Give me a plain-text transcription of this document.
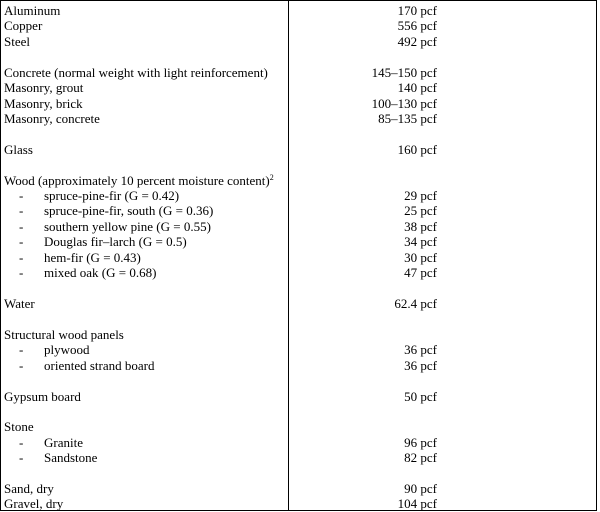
Aluminum	170 pcf
Copper	556 pcf
Steel	492 pcf
Concrete (normal weight with light reinforcement)	145–150 pcf
Masonry, grout	140 pcf
Masonry, brick	100–130 pcf
Masonry, concrete	85–135 pcf
Glass	160 pcf
Wood (approximately 10 percent moisture content)$^2$
- spruce-pine-fir (G = 0.42)	29 pcf
- spruce-pine-fir, south (G = 0.36)	25 pcf
- southern yellow pine (G = 0.55)	38 pcf
- Douglas fir–larch (G = 0.5)	34 pcf
- hem-fir (G = 0.43)	30 pcf
- mixed oak (G = 0.68)	47 pcf
Water	62.4 pcf
Structural wood panels
- plywood	36 pcf
- oriented strand board	36 pcf
Gypsum board	50 pcf
Stone
- Granite	96 pcf
- Sandstone	82 pcf
Sand, dry	90 pcf
Gravel, dry	104 pcf
